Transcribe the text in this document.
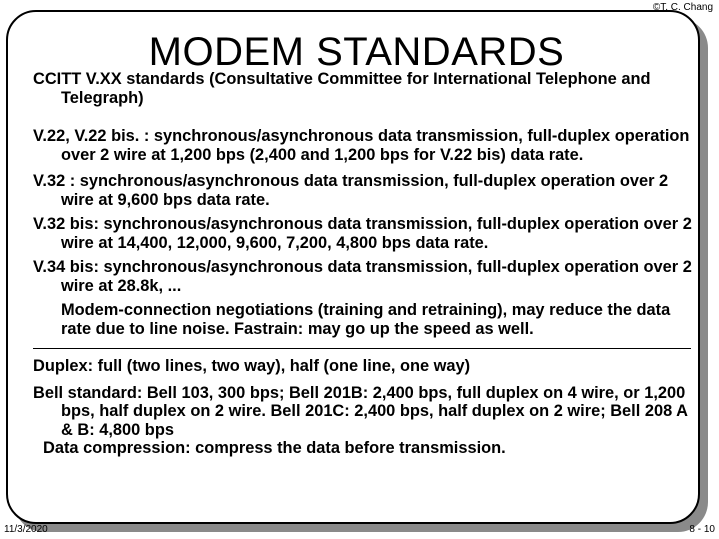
©T. C. Chang
MODEM STANDARDS

CCITT V.XX standards (Consultative Committee for International Telephone and Telegraph)

V.22, V.22 bis. : synchronous/asynchronous data transmission, full-duplex operation over 2 wire at 1,200 bps (2,400 and 1,200 bps for V.22 bis) data rate.

V.32 : synchronous/asynchronous data transmission, full-duplex operation over 2 wire at 9,600 bps data rate.

V.32 bis: synchronous/asynchronous data transmission, full-duplex operation over 2 wire at 14,400, 12,000, 9,600, 7,200, 4,800 bps data rate.

V.34 bis: synchronous/asynchronous data transmission, full-duplex operation over 2 wire at 28.8k, ...

Modem-connection negotiations (training and retraining), may reduce the data rate due to line noise. Fastrain: may go up the speed as well.

Duplex: full (two lines, two way), half (one line, one way)

Bell standard: Bell 103, 300 bps; Bell 201B: 2,400 bps, full duplex on 4 wire, or 1,200 bps, half duplex on 2 wire. Bell 201C: 2,400 bps, half duplex on 2 wire; Bell 208 A & B: 4,800 bps

Data compression: compress the data before transmission.

11/3/2020	8 - 10
